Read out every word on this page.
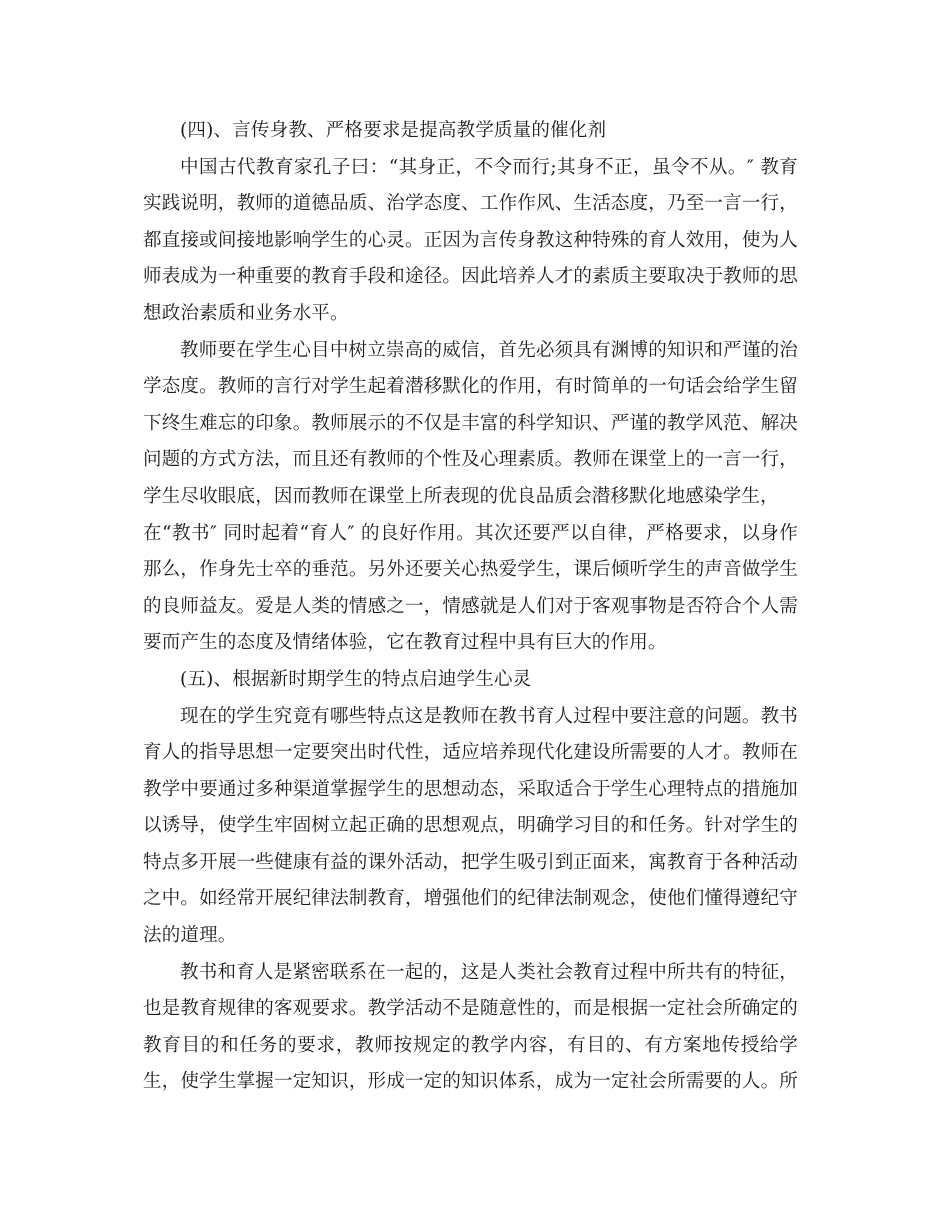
(四)、言传身教、严格要求是提高教学质量的催化剂
中国古代教育家孔子曰：“其身正，不令而行;其身不正，虽令不从。″ 教育
实践说明，教师的道德品质、治学态度、工作作风、生活态度，乃至一言一行，
都直接或间接地影响学生的心灵。正因为言传身教这种特殊的育人效用，使为人
师表成为一种重要的教育手段和途径。因此培养人才的素质主要取决于教师的思
想政治素质和业务水平。
教师要在学生心目中树立崇高的威信，首先必须具有渊博的知识和严谨的治
学态度。教师的言行对学生起着潜移默化的作用，有时简单的一句话会给学生留
下终生难忘的印象。教师展示的不仅是丰富的科学知识、严谨的教学风范、解决
问题的方式方法，而且还有教师的个性及心理素质。教师在课堂上的一言一行，
学生尽收眼底，因而教师在课堂上所表现的优良品质会潜移默化地感染学生，
在“教书″ 同时起着“育人″ 的良好作用。其次还要严以自律，严格要求，以身作
那么，作身先士卒的垂范。另外还要关心热爱学生，课后倾听学生的声音做学生
的良师益友。爱是人类的情感之一，情感就是人们对于客观事物是否符合个人需
要而产生的态度及情绪体验，它在教育过程中具有巨大的作用。
(五)、根据新时期学生的特点启迪学生心灵
现在的学生究竟有哪些特点这是教师在教书育人过程中要注意的问题。教书
育人的指导思想一定要突出时代性，适应培养现代化建设所需要的人才。教师在
教学中要通过多种渠道掌握学生的思想动态，采取适合于学生心理特点的措施加
以诱导，使学生牢固树立起正确的思想观点，明确学习目的和任务。针对学生的
特点多开展一些健康有益的课外活动，把学生吸引到正面来，寓教育于各种活动
之中。如经常开展纪律法制教育，增强他们的纪律法制观念，使他们懂得遵纪守
法的道理。
教书和育人是紧密联系在一起的，这是人类社会教育过程中所共有的特征，
也是教育规律的客观要求。教学活动不是随意性的，而是根据一定社会所确定的
教育目的和任务的要求，教师按规定的教学内容，有目的、有方案地传授给学
生，使学生掌握一定知识，形成一定的知识体系，成为一定社会所需要的人。所
